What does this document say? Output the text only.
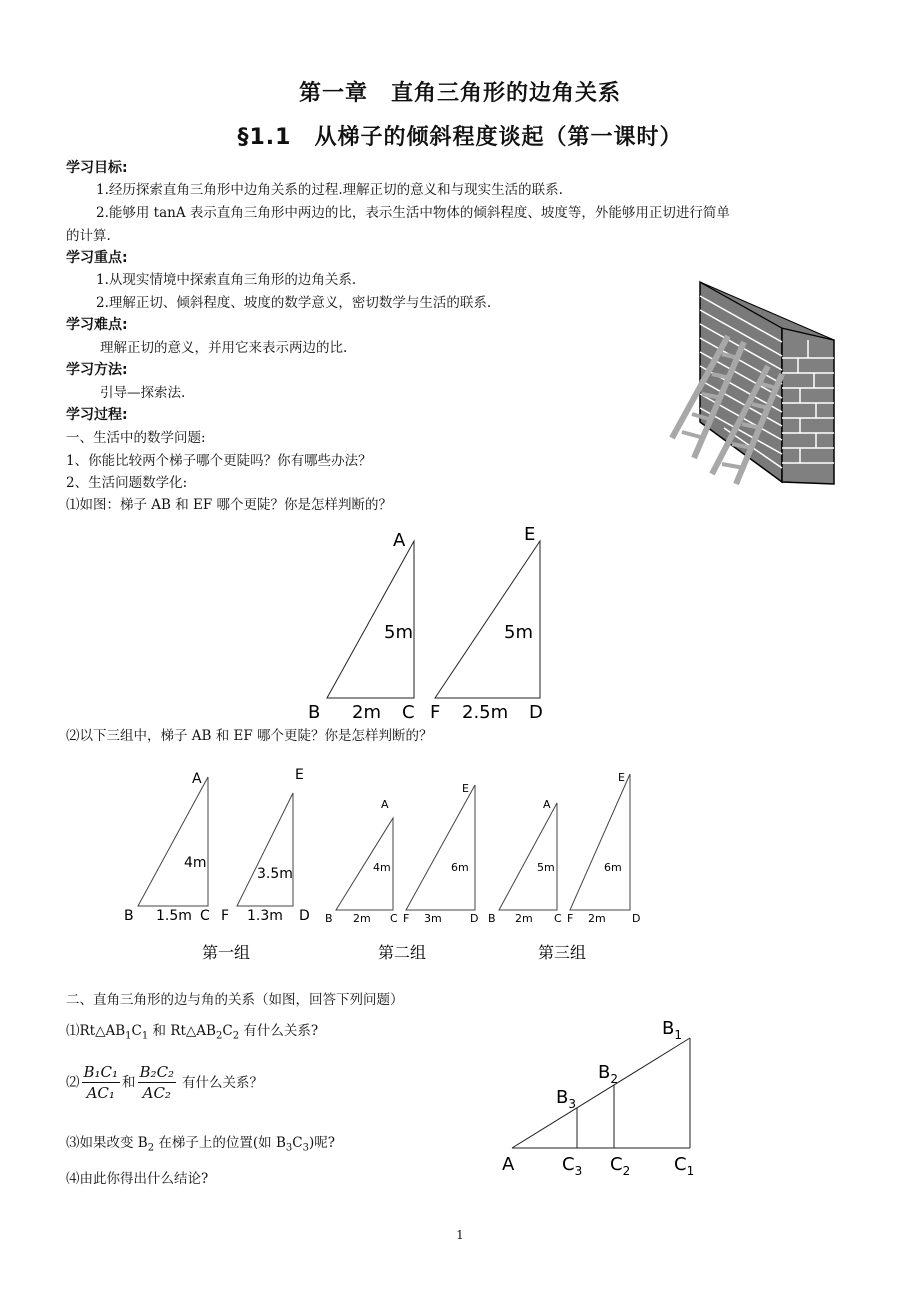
第一章　直角三角形的边角关系
§1.1　从梯子的倾斜程度谈起（第一课时）
学习目标:
1.经历探索直角三角形中边角关系的过程.理解正切的意义和与现实生活的联系.
2.能够用 tanA 表示直角三角形中两边的比，表示生活中物体的倾斜程度、坡度等，外能够用正切进行简单
的计算.
学习重点:
1.从现实情境中探索直角三角形的边角关系.
2.理解正切、倾斜程度、坡度的数学意义，密切数学与生活的联系.
学习难点:
理解正切的意义，并用它来表示两边的比.
学习方法:
引导—探索法.
学习过程:
一、生活中的数学问题:
1、你能比较两个梯子哪个更陡吗？你有哪些办法？
2、生活问题数学化:
⑴如图：梯子 AB 和 EF 哪个更陡？你是怎样判断的？
A
5m
B 2m C
E
5m
F 2.5m D
⑵以下三组中，梯子 AB 和 EF 哪个更陡？你是怎样判断的？
A
4m
B 1.5m C
E
3.5m
F 1.3m D
第一组
A
4m
B 2m C
E
6m
F 3m	D
第二组
A
5m
B 2m C
E
6m
F 2m D
第三组
二、直角三角形的边与角的关系（如图，回答下列问题）
$⑴Rt\triangle AB_1C_1$ 和 $Rt\triangle AB_2C_2$ 有什么关系?
⑵ $\frac{\text{B₁C₁}}{\text{AC₁}}$ 和 $\frac{\text{B₂C₂}}{\text{AC₂}}$ 有什么关系？
⑶如果改变 $B_2$ 在梯子上的位置(如 $B_3C_3$)呢?
⑷由此你得出什么结论?
$B_1$
$B_2$
$B_3$
A	$C_3$ $C_2$ $C_1$
1
